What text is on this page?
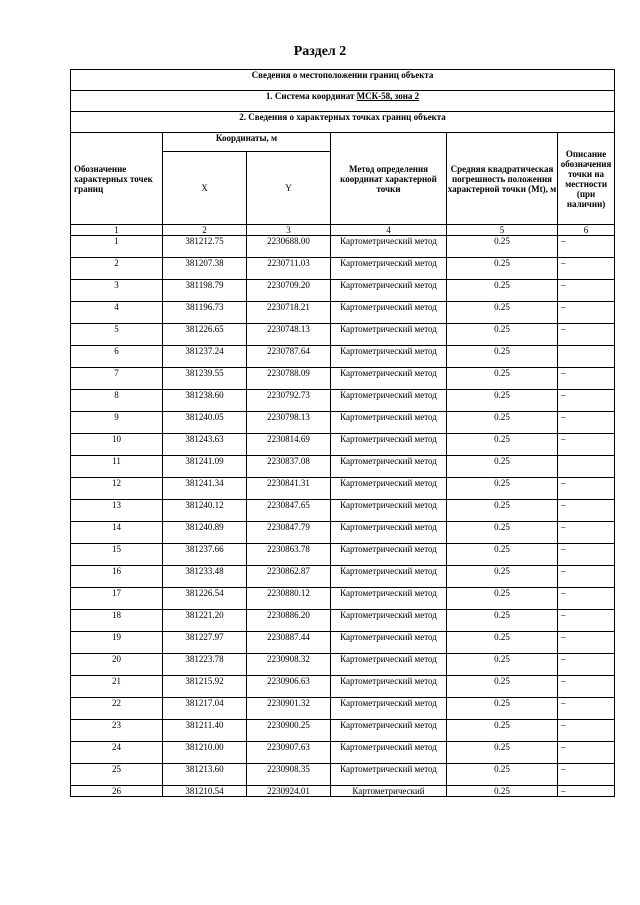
Раздел 2
Сведения о местоположении границ объекта					
1. Система координат МСК-58, зона 2					
2. Сведения о характерных точках границ объекта					
Обозначение характерных точек границ	Координаты, м		Метод определения координат характерной точки	Средняя квадратическая погрешность положения характерной точки (Mt), м	Описание обозначения точки на местности (при наличии)
	X	Y			
1	2	3	4	5	6
1	381212.75	2230688.00	Картометрический метод	0.25	–
2	381207.38	2230711.03	Картометрический метод	0.25	–
3	381198.79	2230709.20	Картометрический метод	0.25	–
4	381196.73	2230718.21	Картометрический метод	0.25	–
5	381226.65	2230748.13	Картометрический метод	0.25	–
6	381237.24	2230787.64	Картометрический метод	0.25	
7	381239.55	2230788.09	Картометрический метод	0.25	–
8	381238.60	2230792.73	Картометрический метод	0.25	–
9	381240.05	2230798.13	Картометрический метод	0.25	–
10	381243.63	2230814.69	Картометрический метод	0.25	–
11	381241.09	2230837.08	Картометрический метод	0.25	
12	381241.34	2230841.31	Картометрический метод	0.25	–
13	381240.12	2230847.65	Картометрический метод	0.25	–
14	381240.89	2230847.79	Картометрический метод	0.25	–
15	381237.66	2230863.78	Картометрический метод	0.25	–
16	381233.48	2230862.87	Картометрический метод	0.25	–
17	381226.54	2230880.12	Картометрический метод	0.25	–
18	381221.20	2230886.20	Картометрический метод	0.25	–
19	381227.97	2230887.44	Картометрический метод	0.25	–
20	381223.78	2230908.32	Картометрический метод	0.25	–
21	381215.92	2230906.63	Картометрический метод	0.25	–
22	381217.04	2230901.32	Картометрический метод	0.25	–
23	381211.40	2230900.25	Картометрический метод	0.25	–
24	381210.00	2230907.63	Картометрический метод	0.25	–
25	381213.60	2230908.35	Картометрический метод	0.25	–
26	381210.54	2230924.01	Картометрический	0.25	–
